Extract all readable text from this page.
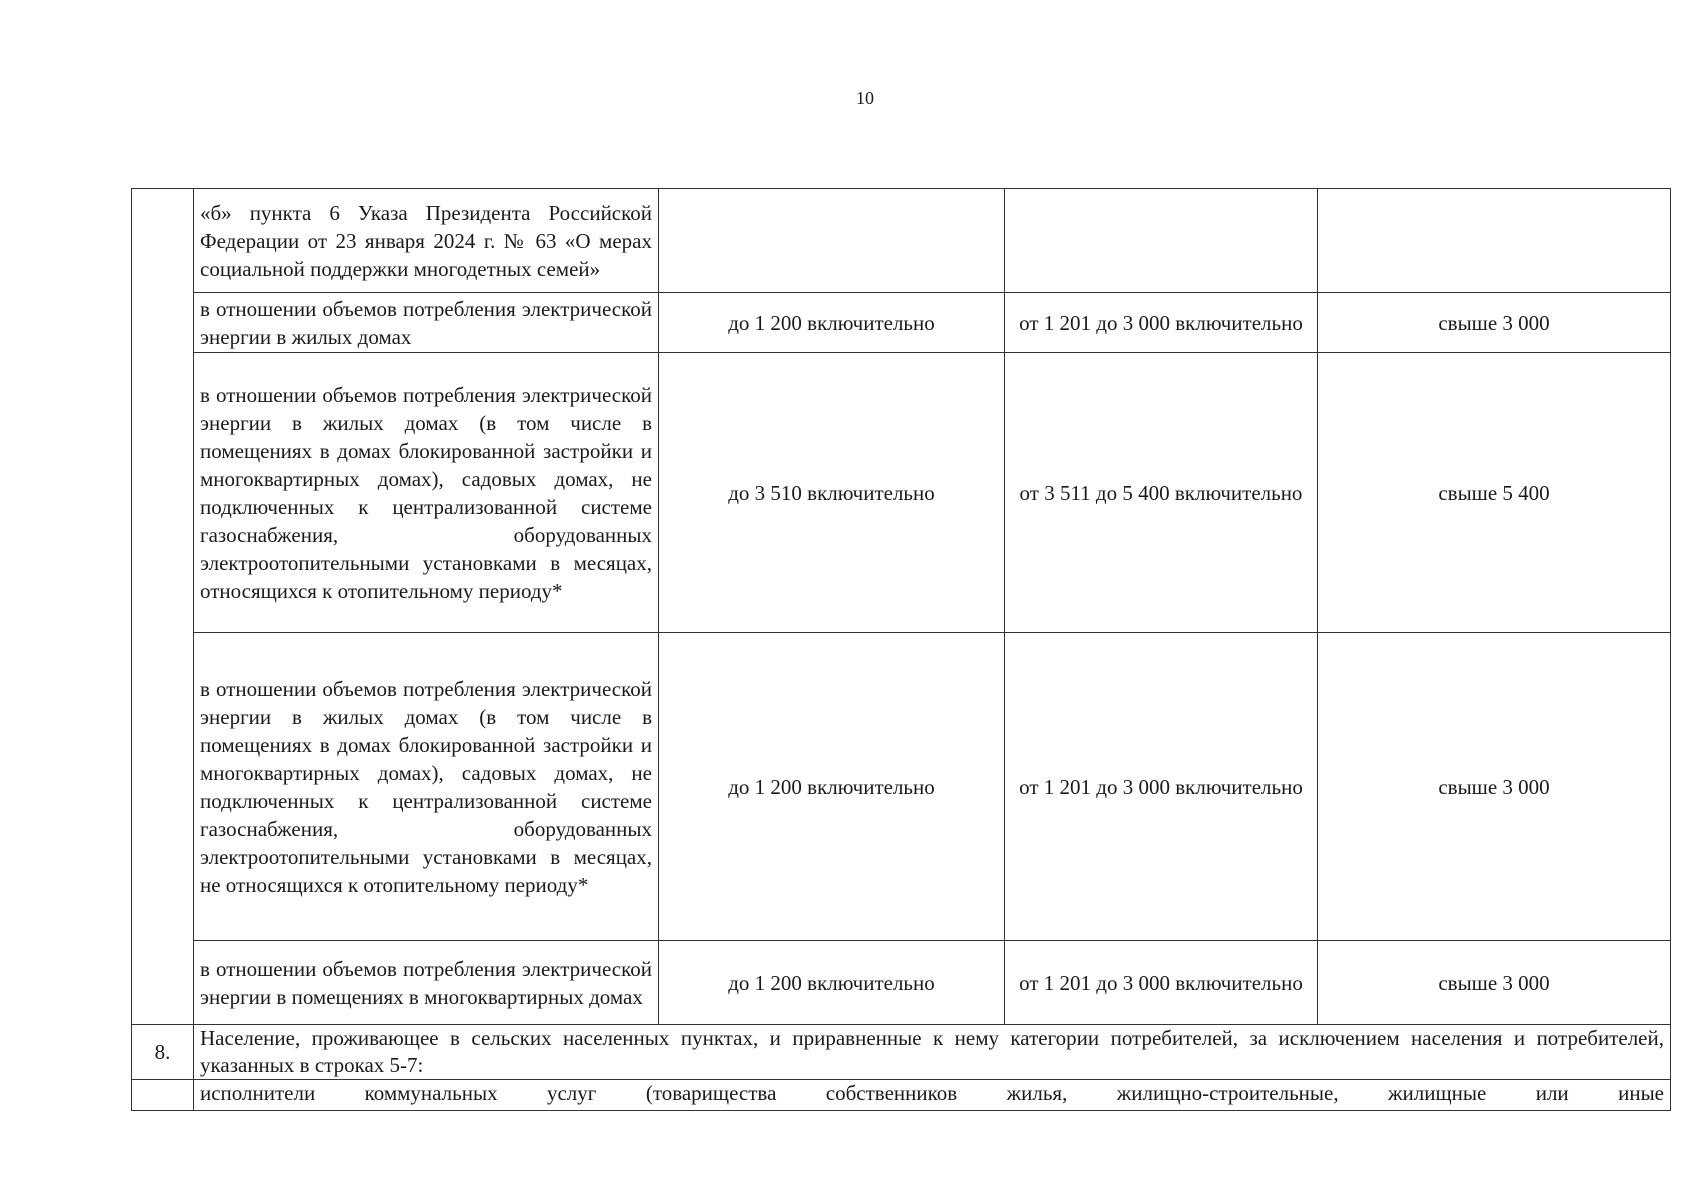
10
	«б» пункта 6 Указа Президента Российской Федерации от 23 января 2024 г. № 63 «О мерах социальной поддержки многодетных семей»			
	в отношении объемов потребления электрической энергии в жилых домах	до 1 200 включительно	от 1 201 до 3 000 включительно	свыше 3 000
	в отношении объемов потребления электрической энергии в жилых домах (в том числе в помещениях в домах блокированной застройки и многоквартирных домах), садовых домах, не подключенных к централизованной системе газоснабжения, оборудованных электроотопительными установками в месяцах, относящихся к отопительному периоду*	до 3 510 включительно	от 3 511 до 5 400 включительно	свыше 5 400
	в отношении объемов потребления электрической энергии в жилых домах (в том числе в помещениях в домах блокированной застройки и многоквартирных домах), садовых домах, не подключенных к централизованной системе газоснабжения, оборудованных электроотопительными установками в месяцах, не относящихся к отопительному периоду*	до 1 200 включительно	от 1 201 до 3 000 включительно	свыше 3 000
	в отношении объемов потребления электрической энергии в помещениях в многоквартирных домах	до 1 200 включительно	от 1 201 до 3 000 включительно	свыше 3 000
8.	Население, проживающее в сельских населенных пунктах, и приравненные к нему категории потребителей, за исключением населения и потребителей, указанных в строках 5-7:			
	исполнители коммунальных услуг (товарищества собственников жилья, жилищно-строительные, жилищные или иные			
